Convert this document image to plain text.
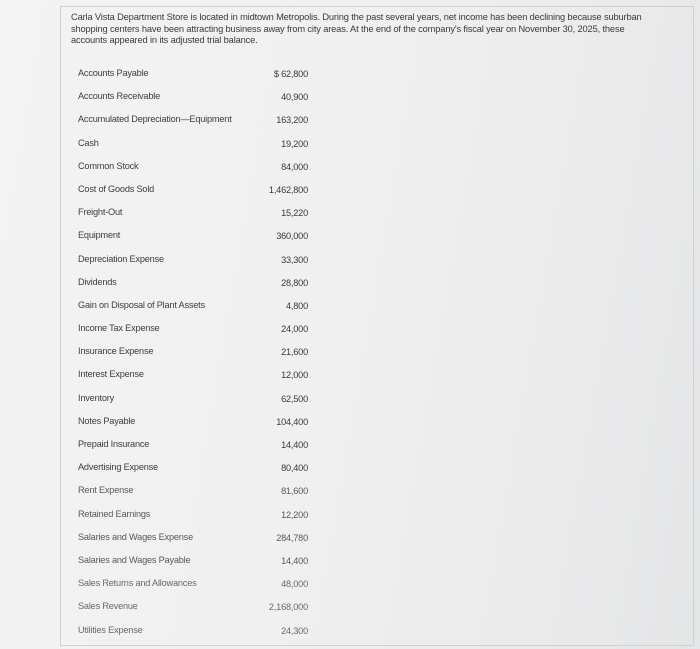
Carla Vista Department Store is located in midtown Metropolis. During the past several years, net income has been declining because suburban shopping centers have been attracting business away from city areas. At the end of the company's fiscal year on November 30, 2025, these accounts appeared in its adjusted trial balance.
Accounts Payable	$ 62,800
Accounts Receivable	40,900
Accumulated Depreciation—Equipment	163,200
Cash	19,200
Common Stock	84,000
Cost of Goods Sold	1,462,800
Freight-Out	15,220
Equipment	360,000
Depreciation Expense	33,300
Dividends	28,800
Gain on Disposal of Plant Assets	4,800
Income Tax Expense	24,000
Insurance Expense	21,600
Interest Expense	12,000
Inventory	62,500
Notes Payable	104,400
Prepaid Insurance	14,400
Advertising Expense	80,400
Rent Expense	81,600
Retained Earnings	12,200
Salaries and Wages Expense	284,780
Salaries and Wages Payable	14,400
Sales Returns and Allowances	48,000
Sales Revenue	2,168,000
Utilities Expense	24,300
